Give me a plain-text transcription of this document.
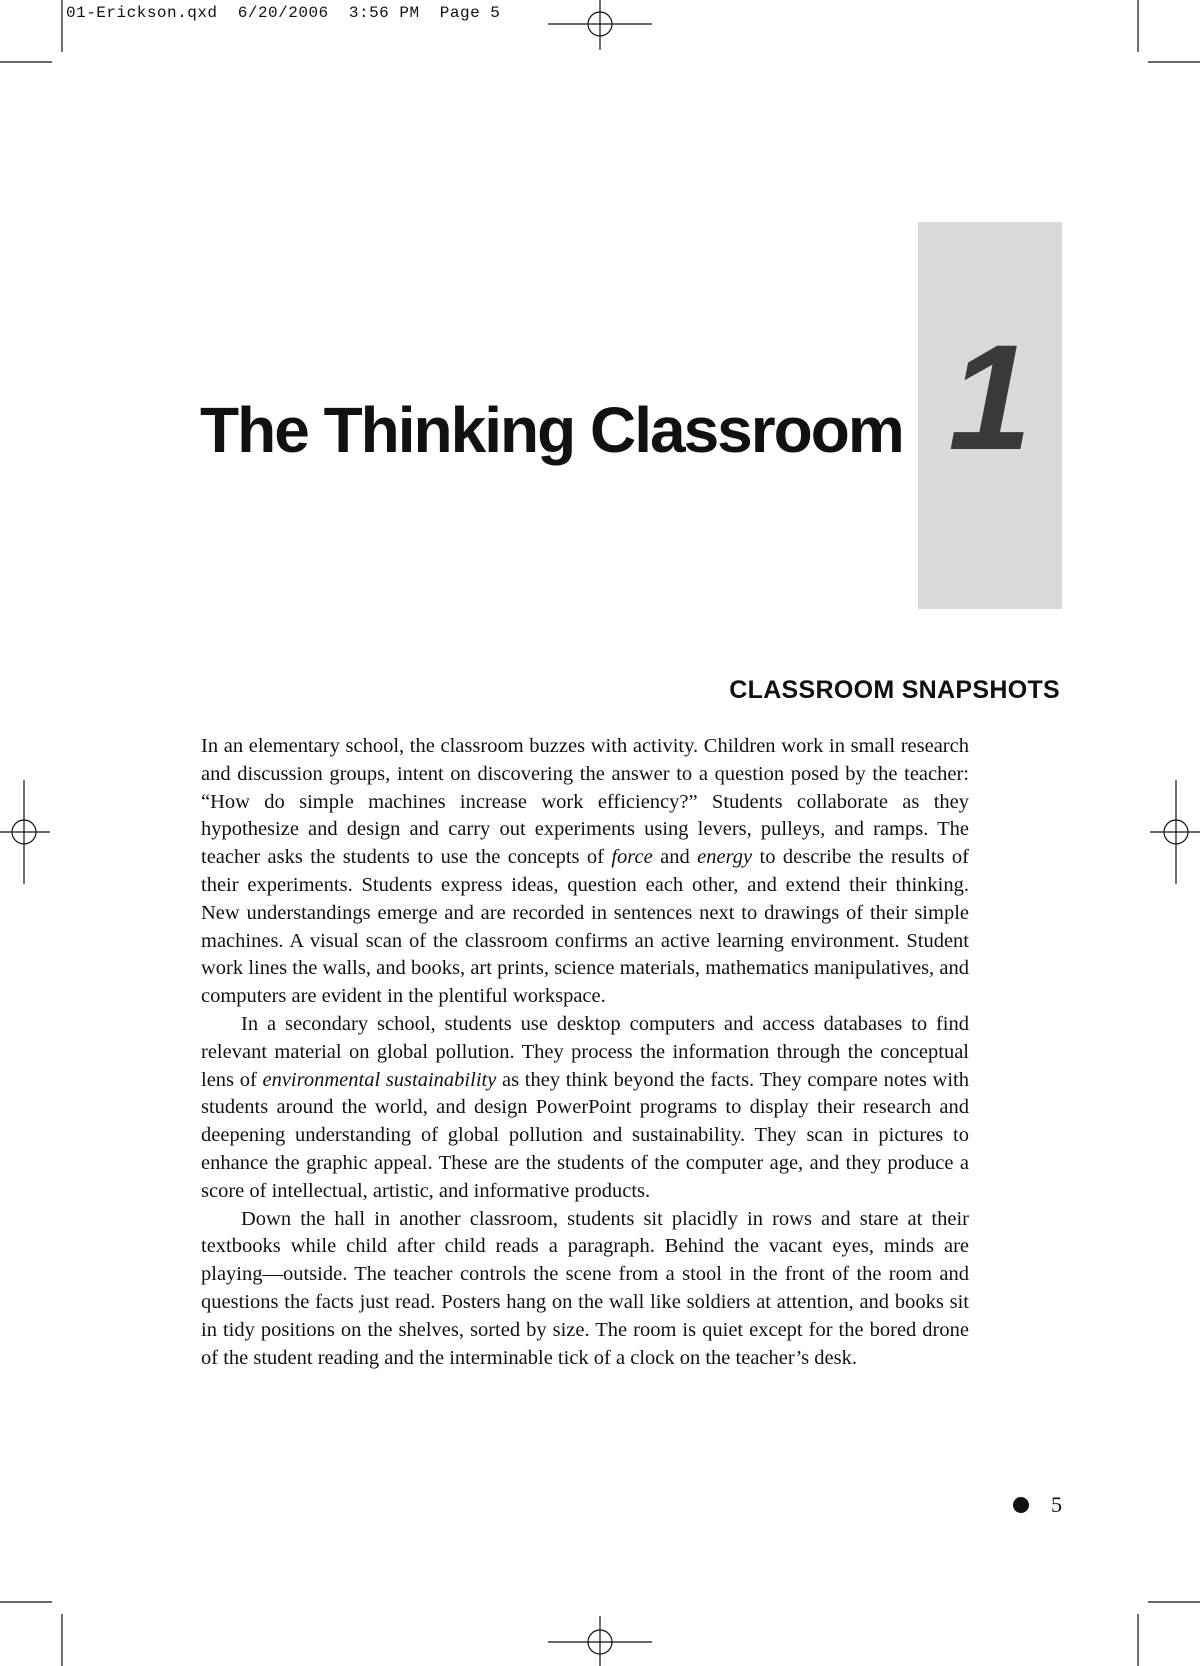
01-Erickson.qxd 6/20/2006 3:56 PM Page 5
1
The Thinking Classroom
CLASSROOM SNAPSHOTS

In an elementary school, the classroom buzzes with activity. Children work in small research and discussion groups, intent on discovering the answer to a question posed by the teacher: “How do simple machines increase work efficiency?” Students collaborate as they hypothesize and design and carry out experiments using levers, pulleys, and ramps. The teacher asks the students to use the concepts of force and energy to describe the results of their experiments. Students express ideas, question each other, and extend their thinking. New understandings emerge and are recorded in sentences next to drawings of their simple machines. A visual scan of the classroom confirms an active learning environment. Student work lines the walls, and books, art prints, science materials, mathematics manipulatives, and computers are evident in the plentiful workspace.

In a secondary school, students use desktop computers and access databases to find relevant material on global pollution. They process the information through the conceptual lens of environmental sustainability as they think beyond the facts. They compare notes with students around the world, and design PowerPoint programs to display their research and deepening understanding of global pollution and sustainability. They scan in pictures to enhance the graphic appeal. These are the students of the computer age, and they produce a score of intellectual, artistic, and informative products.

Down the hall in another classroom, students sit placidly in rows and stare at their textbooks while child after child reads a paragraph. Behind the vacant eyes, minds are playing—outside. The teacher controls the scene from a stool in the front of the room and questions the facts just read. Posters hang on the wall like soldiers at attention, and books sit in tidy positions on the shelves, sorted by size. The room is quiet except for the bored drone of the student reading and the interminable tick of a clock on the teacher’s desk.

5
